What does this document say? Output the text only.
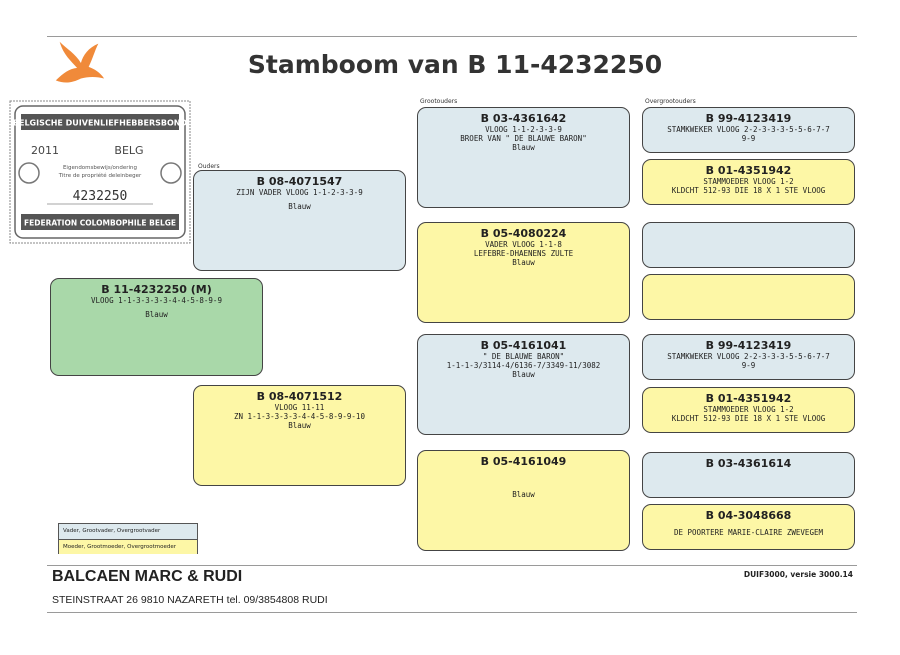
Stamboom van B 11-4232250
BELGISCHE DUIVENLIEFHEBBERSBOND
2011	BELG
Eigendomsbewijs/ondering
Titre de propriété deleinbeger
4232250
FEDERATION COLOMBOPHILE BELGE
Ouders
Grootouders	Overgrootouders
B 11-4232250 (M)
VLOOG 1-1-3-3-3-3-4-4-5-8-9-9
Blauw
B 08-4071547
ZIJN VADER VLOOG 1-1-2-3-3-9
Blauw
B 08-4071512
VLOOG 11-11
ZN 1-1-3-3-3-3-4-4-5-8-9-9-10
Blauw
B 03-4361642
VLOOG 1-1-2-3-3-9
BROER VAN " DE BLAUWE BARON"
Blauw
B 05-4080224
VADER VLOOG 1-1-8
LEFEBRE-DHAENENS ZULTE
Blauw
B 05-4161041
" DE BLAUWE BARON"
1-1-1-3/3114-4/6136-7/3349-11/3082
Blauw
B 05-4161049
Blauw
B 99-4123419
STAMKWEKER VLOOG 2-2-3-3-3-5-5-6-7-7
9-9
B 01-4351942
STAMMOEDER VLOOG 1-2
KLDCHT 512-93 DIE 18 X 1 STE VLOOG
B 99-4123419
STAMKWEKER VLOOG 2-2-3-3-3-5-5-6-7-7
9-9
B 01-4351942
STAMMOEDER VLOOG 1-2
KLDCHT 512-93 DIE 18 X 1 STE VLOOG
B 03-4361614
B 04-3048668
DE POORTERE MARIE-CLAIRE ZWEVEGEM
Vader, Grootvader, Overgrootvader
Moeder, Grootmoeder, Overgrootmoeder
BALCAEN MARC & RUDI
STEINSTRAAT 26 9810 NAZARETH tel. 09/3854808 RUDI
DUIF3000, versie 3000.14
